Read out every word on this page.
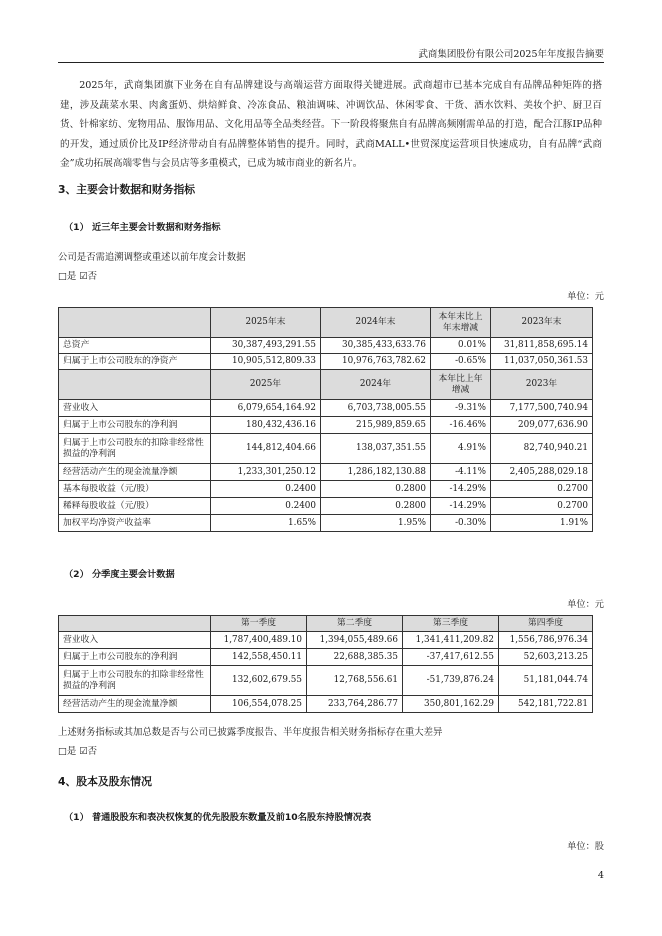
武商集团股份有限公司2025年年度报告摘要
2025年，武商集团旗下业务在自有品牌建设与高端运营方面取得关键进展。武商超市已基本完成自有品牌品种矩阵的搭建，涉及蔬菜水果、肉禽蛋奶、烘焙鲜食、冷冻食品、粮油调味、冲调饮品、休闲零食、干货、酒水饮料、美妆个护、厨卫百货、针棉家纺、宠物用品、服饰用品、文化用品等全品类经营。下一阶段将聚焦自有品牌高频刚需单品的打造，配合江豚IP品种的开发，通过质价比及IP经济带动自有品牌整体销售的提升。同时，武商MALL•世贸深度运营项目快速成功，自有品牌“武商金”成功拓展高端零售与会员店等多重模式，已成为城市商业的新名片。
3、主要会计数据和财务指标
（1） 近三年主要会计数据和财务指标
公司是否需追溯调整或重述以前年度会计数据
□是 ☑否
单位：元
	2025年末	2024年末	本年末比上年末增减	2023年末
总资产	30,387,493,291.55	30,385,433,633.76	0.01%	31,811,858,695.14
归属于上市公司股东的净资产	10,905,512,809.33	10,976,763,782.62	-0.65%	11,037,050,361.53
	2025年	2024年	本年比上年增减	2023年
营业收入	6,079,654,164.92	6,703,738,005.55	-9.31%	7,177,500,740.94
归属于上市公司股东的净利润	180,432,436.16	215,989,859.65	-16.46%	209,077,636.90
归属于上市公司股东的扣除非经常性损益的净利润	144,812,404.66	138,037,351.55	4.91%	82,740,940.21
经营活动产生的现金流量净额	1,233,301,250.12	1,286,182,130.88	-4.11%	2,405,288,029.18
基本每股收益（元/股）	0.2400	0.2800	-14.29%	0.2700
稀释每股收益（元/股）	0.2400	0.2800	-14.29%	0.2700
加权平均净资产收益率	1.65%	1.95%	-0.30%	1.91%
（2） 分季度主要会计数据
单位：元
	第一季度	第二季度	第三季度	第四季度
营业收入	1,787,400,489.10	1,394,055,489.66	1,341,411,209.82	1,556,786,976.34
归属于上市公司股东的净利润	142,558,450.11	22,688,385.35	-37,417,612.55	52,603,213.25
归属于上市公司股东的扣除非经常性损益的净利润	132,602,679.55	12,768,556.61	-51,739,876.24	51,181,044.74
经营活动产生的现金流量净额	106,554,078.25	233,764,286.77	350,801,162.29	542,181,722.81
上述财务指标或其加总数是否与公司已披露季度报告、半年度报告相关财务指标存在重大差异
□是 ☑否
4、股本及股东情况
（1） 普通股股东和表决权恢复的优先股股东数量及前10名股东持股情况表
单位：股
4
